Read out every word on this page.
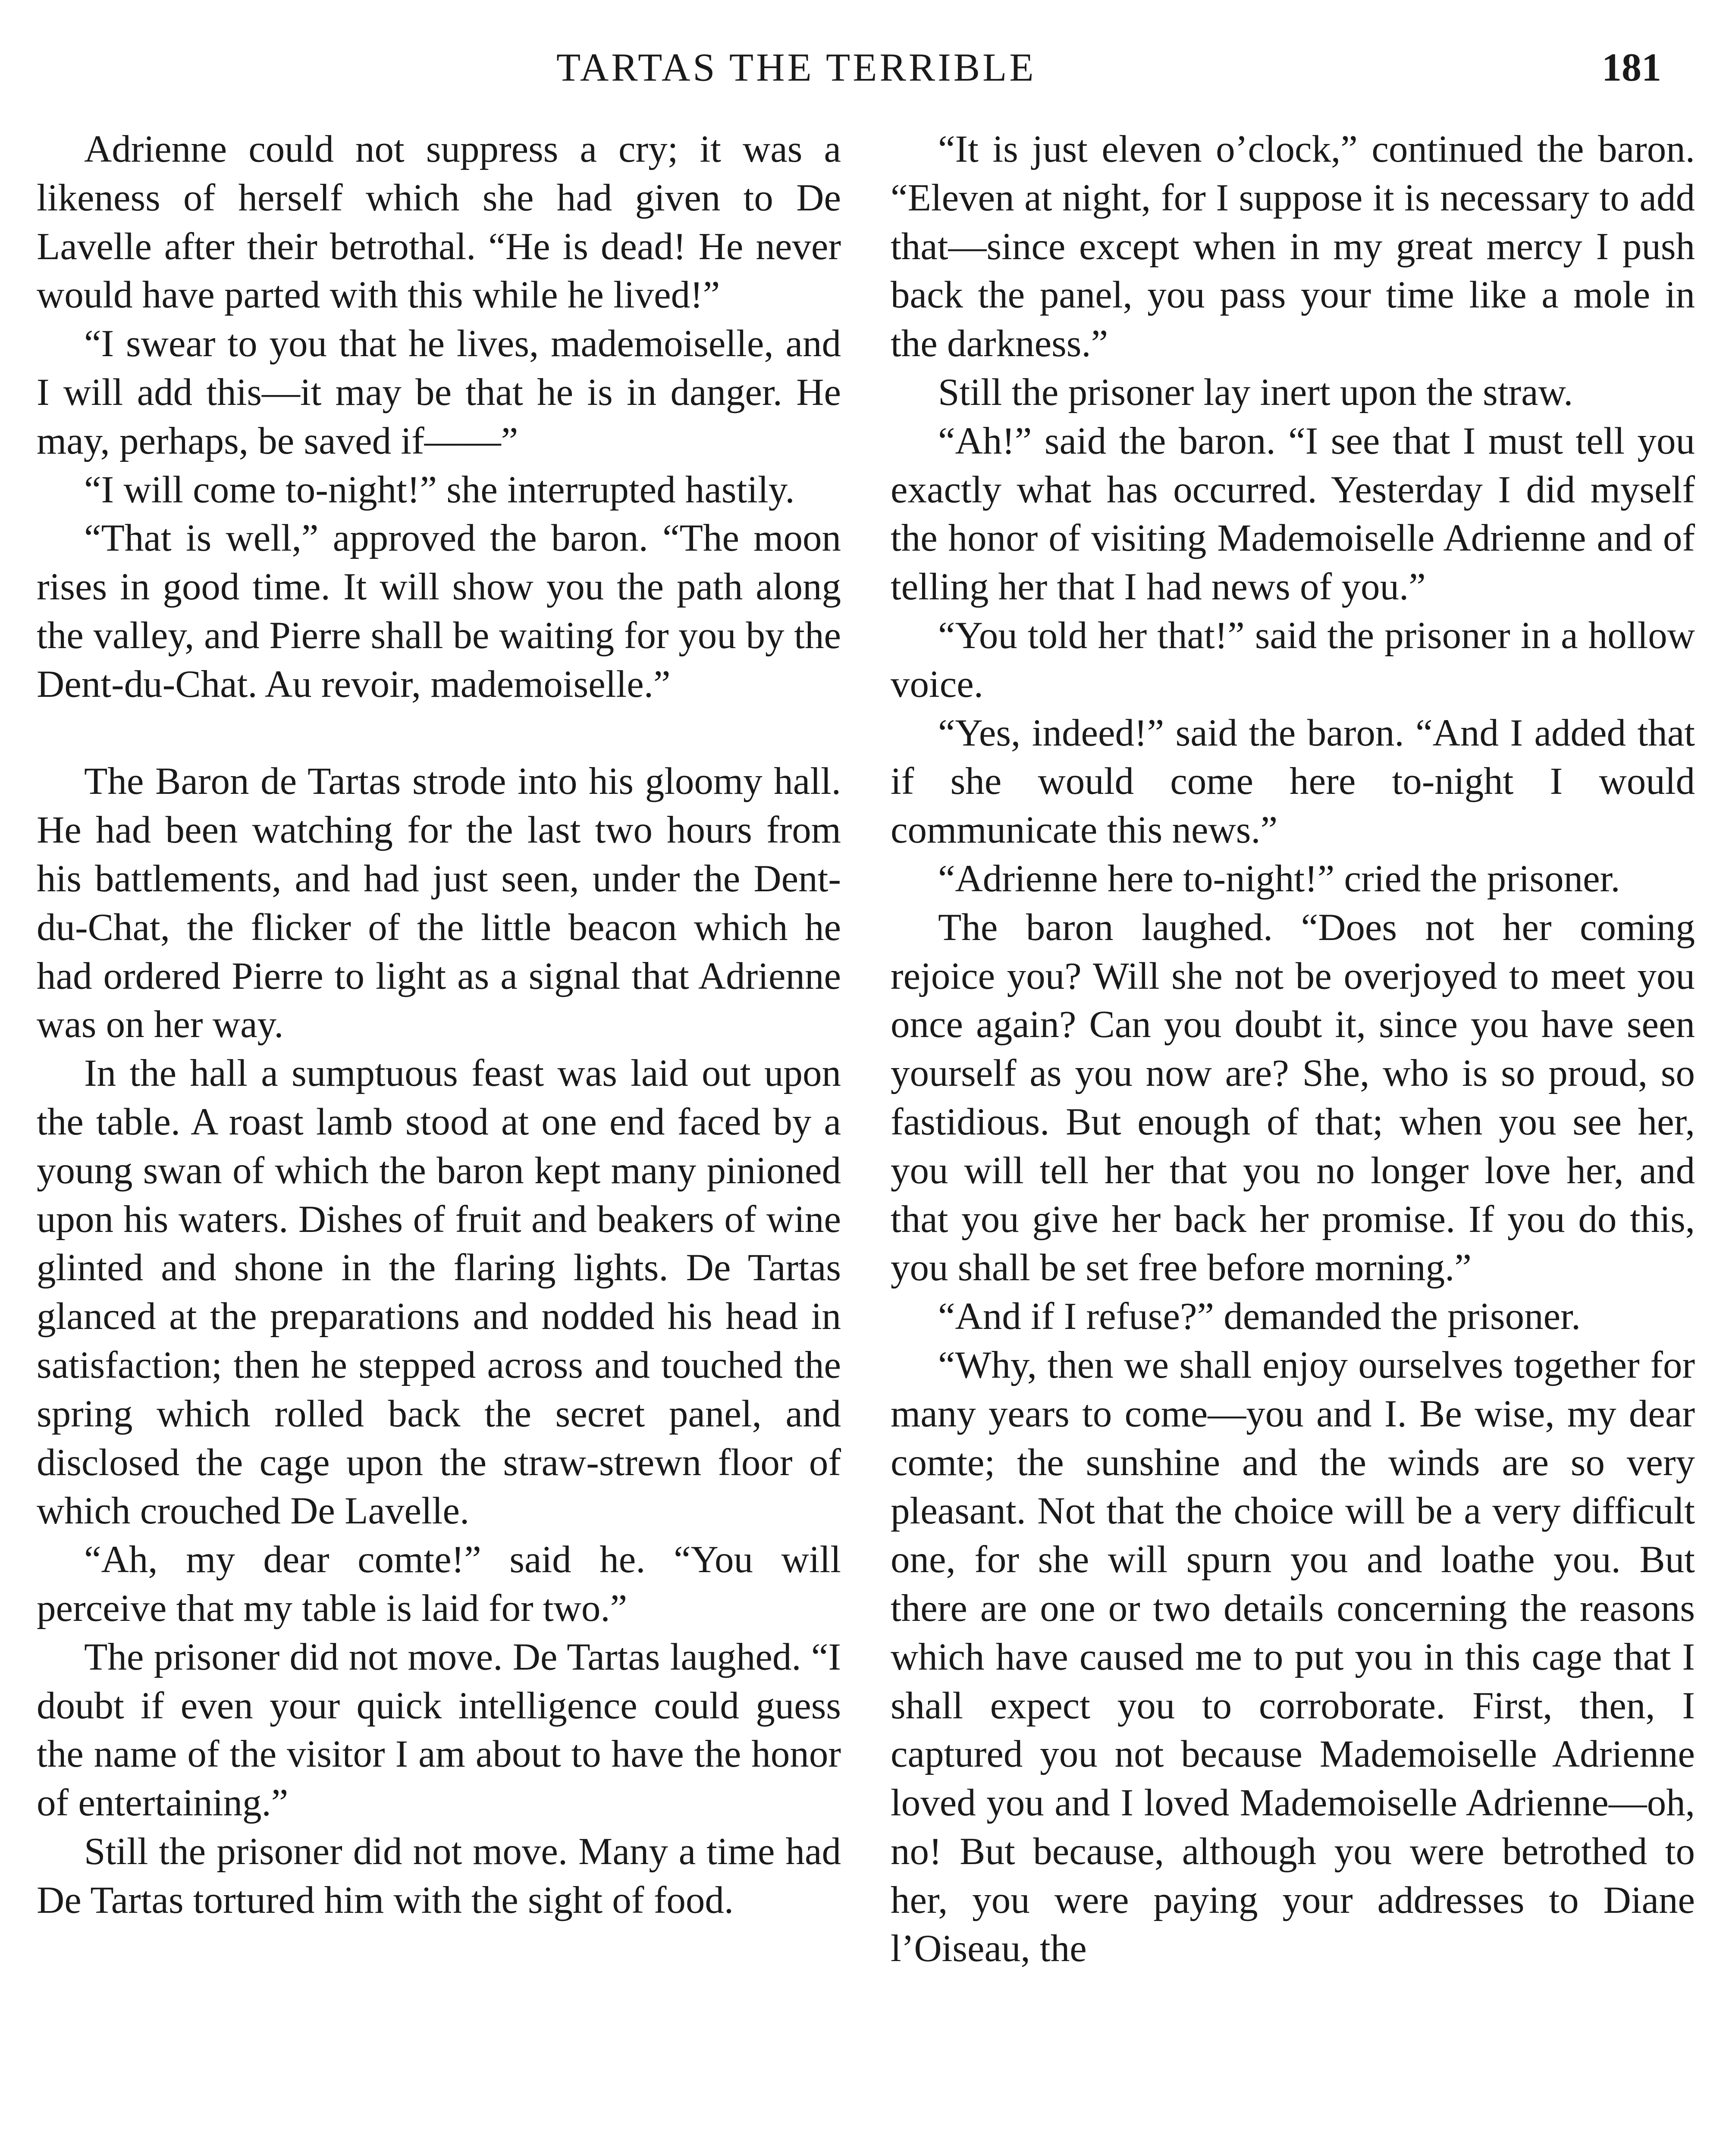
TARTAS THE TERRIBLE	181

Adrienne could not suppress a cry; it was a likeness of herself which she had given to De Lavelle after their betrothal. “He is dead! He never would have parted with this while he lived!”

“I swear to you that he lives, mademoiselle, and I will add this—it may be that he is in danger. He may, perhaps, be saved if——”

“I will come to-night!” she interrupted hastily.

“That is well,” approved the baron. “The moon rises in good time. It will show you the path along the valley, and Pierre shall be waiting for you by the Dent-du-Chat. Au revoir, mademoiselle.”

The Baron de Tartas strode into his gloomy hall. He had been watching for the last two hours from his battlements, and had just seen, under the Dent-du-Chat, the flicker of the little beacon which he had ordered Pierre to light as a signal that Adrienne was on her way.

In the hall a sumptuous feast was laid out upon the table. A roast lamb stood at one end faced by a young swan of which the baron kept many pinioned upon his waters. Dishes of fruit and beakers of wine glinted and shone in the flaring lights. De Tartas glanced at the preparations and nodded his head in satisfaction; then he stepped across and touched the spring which rolled back the secret panel, and disclosed the cage upon the straw-strewn floor of which crouched De Lavelle.

“Ah, my dear comte!” said he. “You will perceive that my table is laid for two.”

The prisoner did not move. De Tartas laughed. “I doubt if even your quick intelligence could guess the name of the visitor I am about to have the honor of entertaining.”

Still the prisoner did not move. Many a time had De Tartas tortured him with the sight of food.

“It is just eleven o’clock,” continued the baron. “Eleven at night, for I suppose it is necessary to add that—since except when in my great mercy I push back the panel, you pass your time like a mole in the darkness.”

Still the prisoner lay inert upon the straw.

“Ah!” said the baron. “I see that I must tell you exactly what has occurred. Yesterday I did myself the honor of visiting Mademoiselle Adrienne and of telling her that I had news of you.”

“You told her that!” said the prisoner in a hollow voice.

“Yes, indeed!” said the baron. “And I added that if she would come here to-night I would communicate this news.”

“Adrienne here to-night!” cried the prisoner.

The baron laughed. “Does not her coming rejoice you? Will she not be overjoyed to meet you once again? Can you doubt it, since you have seen yourself as you now are? She, who is so proud, so fastidious. But enough of that; when you see her, you will tell her that you no longer love her, and that you give her back her promise. If you do this, you shall be set free before morning.”

“And if I refuse?” demanded the prisoner.

“Why, then we shall enjoy ourselves together for many years to come—you and I. Be wise, my dear comte; the sunshine and the winds are so very pleasant. Not that the choice will be a very difficult one, for she will spurn you and loathe you. But there are one or two details concerning the reasons which have caused me to put you in this cage that I shall expect you to corroborate. First, then, I captured you not because Mademoiselle Adrienne loved you and I loved Mademoiselle Adrienne—oh, no! But because, although you were betrothed to her, you were paying your addresses to Diane l’Oiseau, the
